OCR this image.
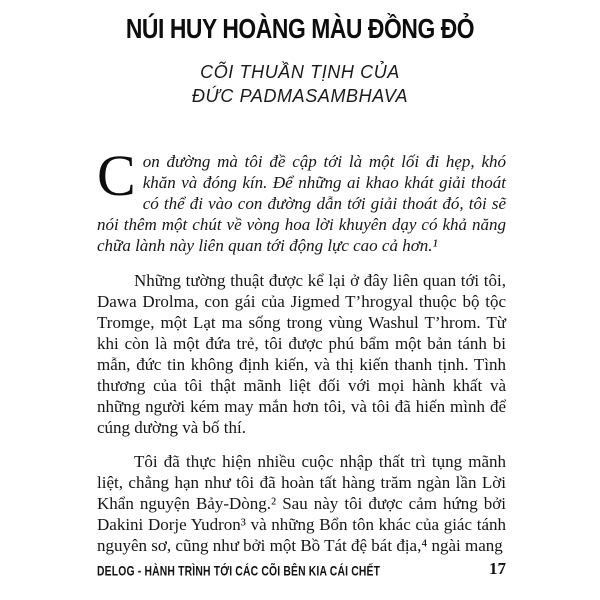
NÚI HUY HOÀNG MÀU ĐỒNG ĐỎ
CÕI THUẦN TỊNH CỦA
ĐỨC PADMASAMBHAVA

Con đường mà tôi đề cập tới là một lối đi hẹp, khó khăn và đóng kín. Để những ai khao khát giải thoát có thể đi vào con đường dẫn tới giải thoát đó, tôi sẽ nói thêm một chút về vòng hoa lời khuyên dạy có khả năng chữa lành này liên quan tới động lực cao cả hơn.¹

Những tường thuật được kể lại ở đây liên quan tới tôi, Dawa Drolma, con gái của Jigmed T’hrogyal thuộc bộ tộc Tromge, một Lạt ma sống trong vùng Washul T’hrom. Từ khi còn là một đứa trẻ, tôi được phú bẩm một bản tánh bi mẫn, đức tin không định kiến, và thị kiến thanh tịnh. Tình thương của tôi thật mãnh liệt đối với mọi hành khất và những người kém may mắn hơn tôi, và tôi đã hiến mình để cúng dường và bố thí.

Tôi đã thực hiện nhiều cuộc nhập thất trì tụng mãnh liệt, chẳng hạn như tôi đã hoàn tất hàng trăm ngàn lần Lời Khẩn nguyện Bảy-Dòng.² Sau này tôi được cảm hứng bởi Dakini Dorje Yudron³ và những Bổn tôn khác của giác tánh nguyên sơ, cũng như bởi một Bồ Tát đệ bát địa,⁴ ngài mang

DELOG - HÀNH TRÌNH TỚI CÁC CÕI BÊN KIA CÁI CHẾT	17
